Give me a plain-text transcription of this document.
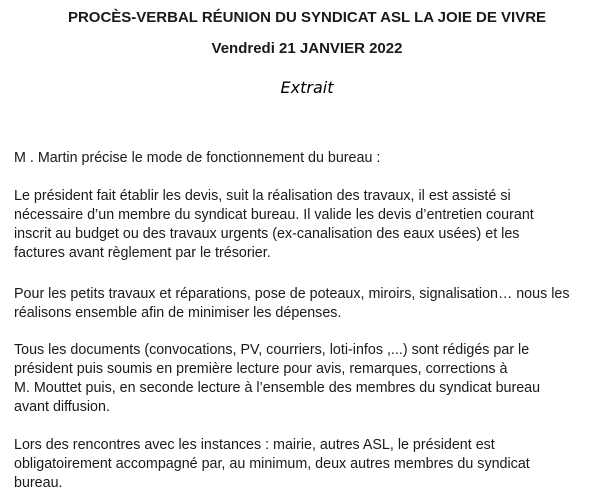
PROCÈS-VERBAL RÉUNION DU SYNDICAT ASL LA JOIE DE VIVRE
Vendredi 21 JANVIER 2022
Extrait
M . Martin précise le mode de fonctionnement du bureau :
Le président fait établir les devis, suit la réalisation des travaux, il est assisté si
nécessaire d’un membre du syndicat bureau. Il valide les devis d’entretien courant
inscrit au budget ou des travaux urgents (ex-canalisation des eaux usées) et les
factures avant règlement par le trésorier.
Pour les petits travaux et réparations, pose de poteaux, miroirs, signalisation… nous les
réalisons ensemble afin de minimiser les dépenses.
Tous les documents (convocations, PV, courriers, loti-infos ,...) sont rédigés par le
président puis soumis en première lecture pour avis, remarques, corrections à
M. Mouttet puis, en seconde lecture à l’ensemble des membres du syndicat bureau
avant diffusion.
Lors des rencontres avec les instances : mairie, autres ASL, le président est
obligatoirement accompagné par, au minimum, deux autres membres du syndicat
bureau.
